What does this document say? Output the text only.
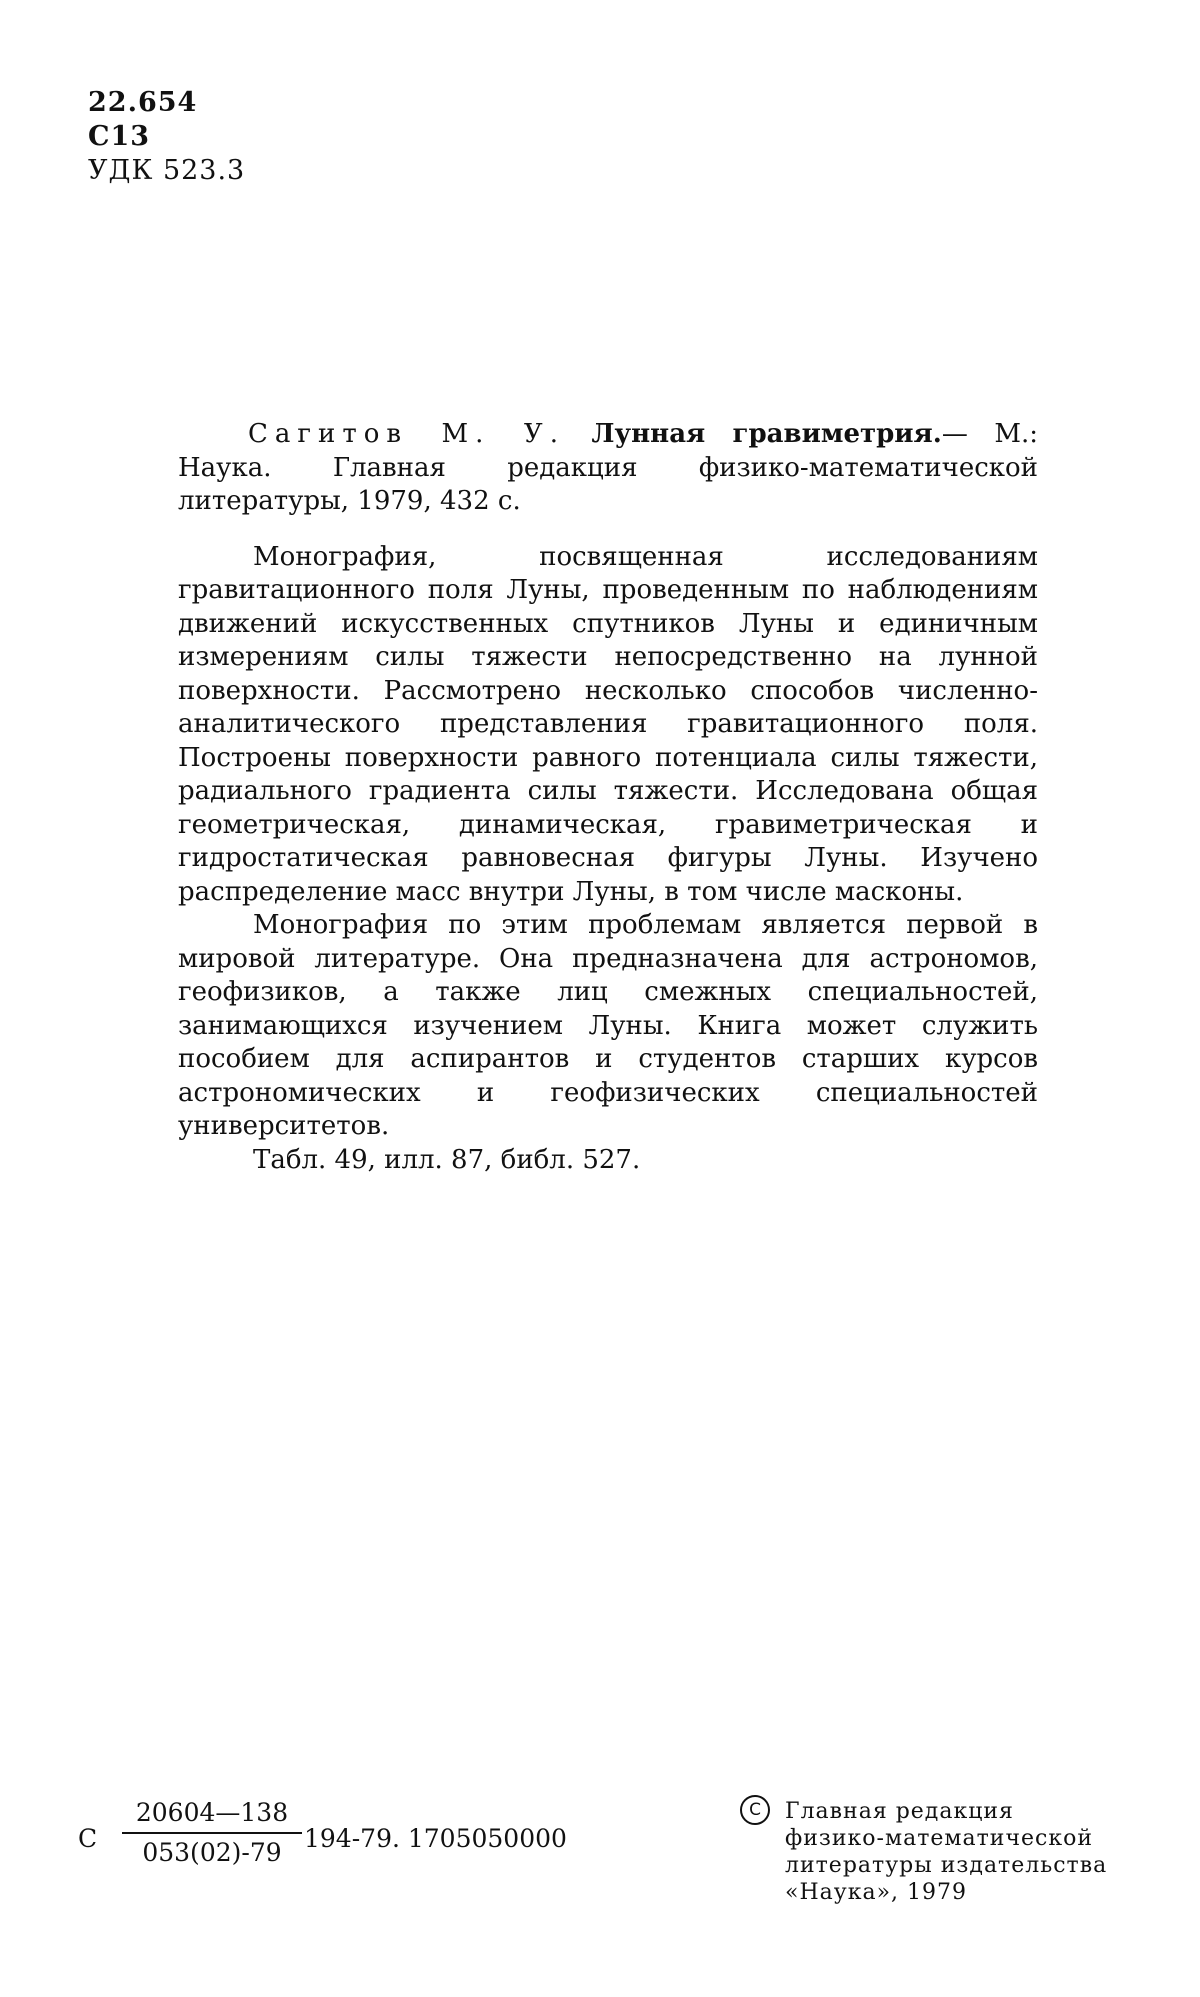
22.654
С13
УДК 523.3

Сагитов М. У. Лунная гравиметрия.— М.: Наука. Главная редакция физико-математической литературы, 1979, 432 с.

Монография, посвященная исследованиям гравитационного поля Луны, проведенным по наблюдениям движений искусственных спутников Луны и единичным измерениям силы тяжести непосредственно на лунной поверхности. Рассмотрено несколько способов численно-аналитического представления гравитационного поля. Построены поверхности равного потенциала силы тяжести, радиального градиента силы тяжести. Исследована общая геометрическая, динамическая, гравиметрическая и гидростатическая равновесная фигуры Луны. Изучено распределение масс внутри Луны, в том числе масконы.

Монография по этим проблемам является первой в мировой литературе. Она предназначена для астрономов, геофизиков, а также лиц смежных специальностей, занимающихся изучением Луны. Книга может служить пособием для аспирантов и студентов старших курсов астрономических и геофизических специальностей университетов.

Табл. 49, илл. 87, библ. 527.

С
20604—138
053(02)-79 194-79. 1705050000
C	Главная редакция
физико-математической
литературы издательства
«Наука», 1979
